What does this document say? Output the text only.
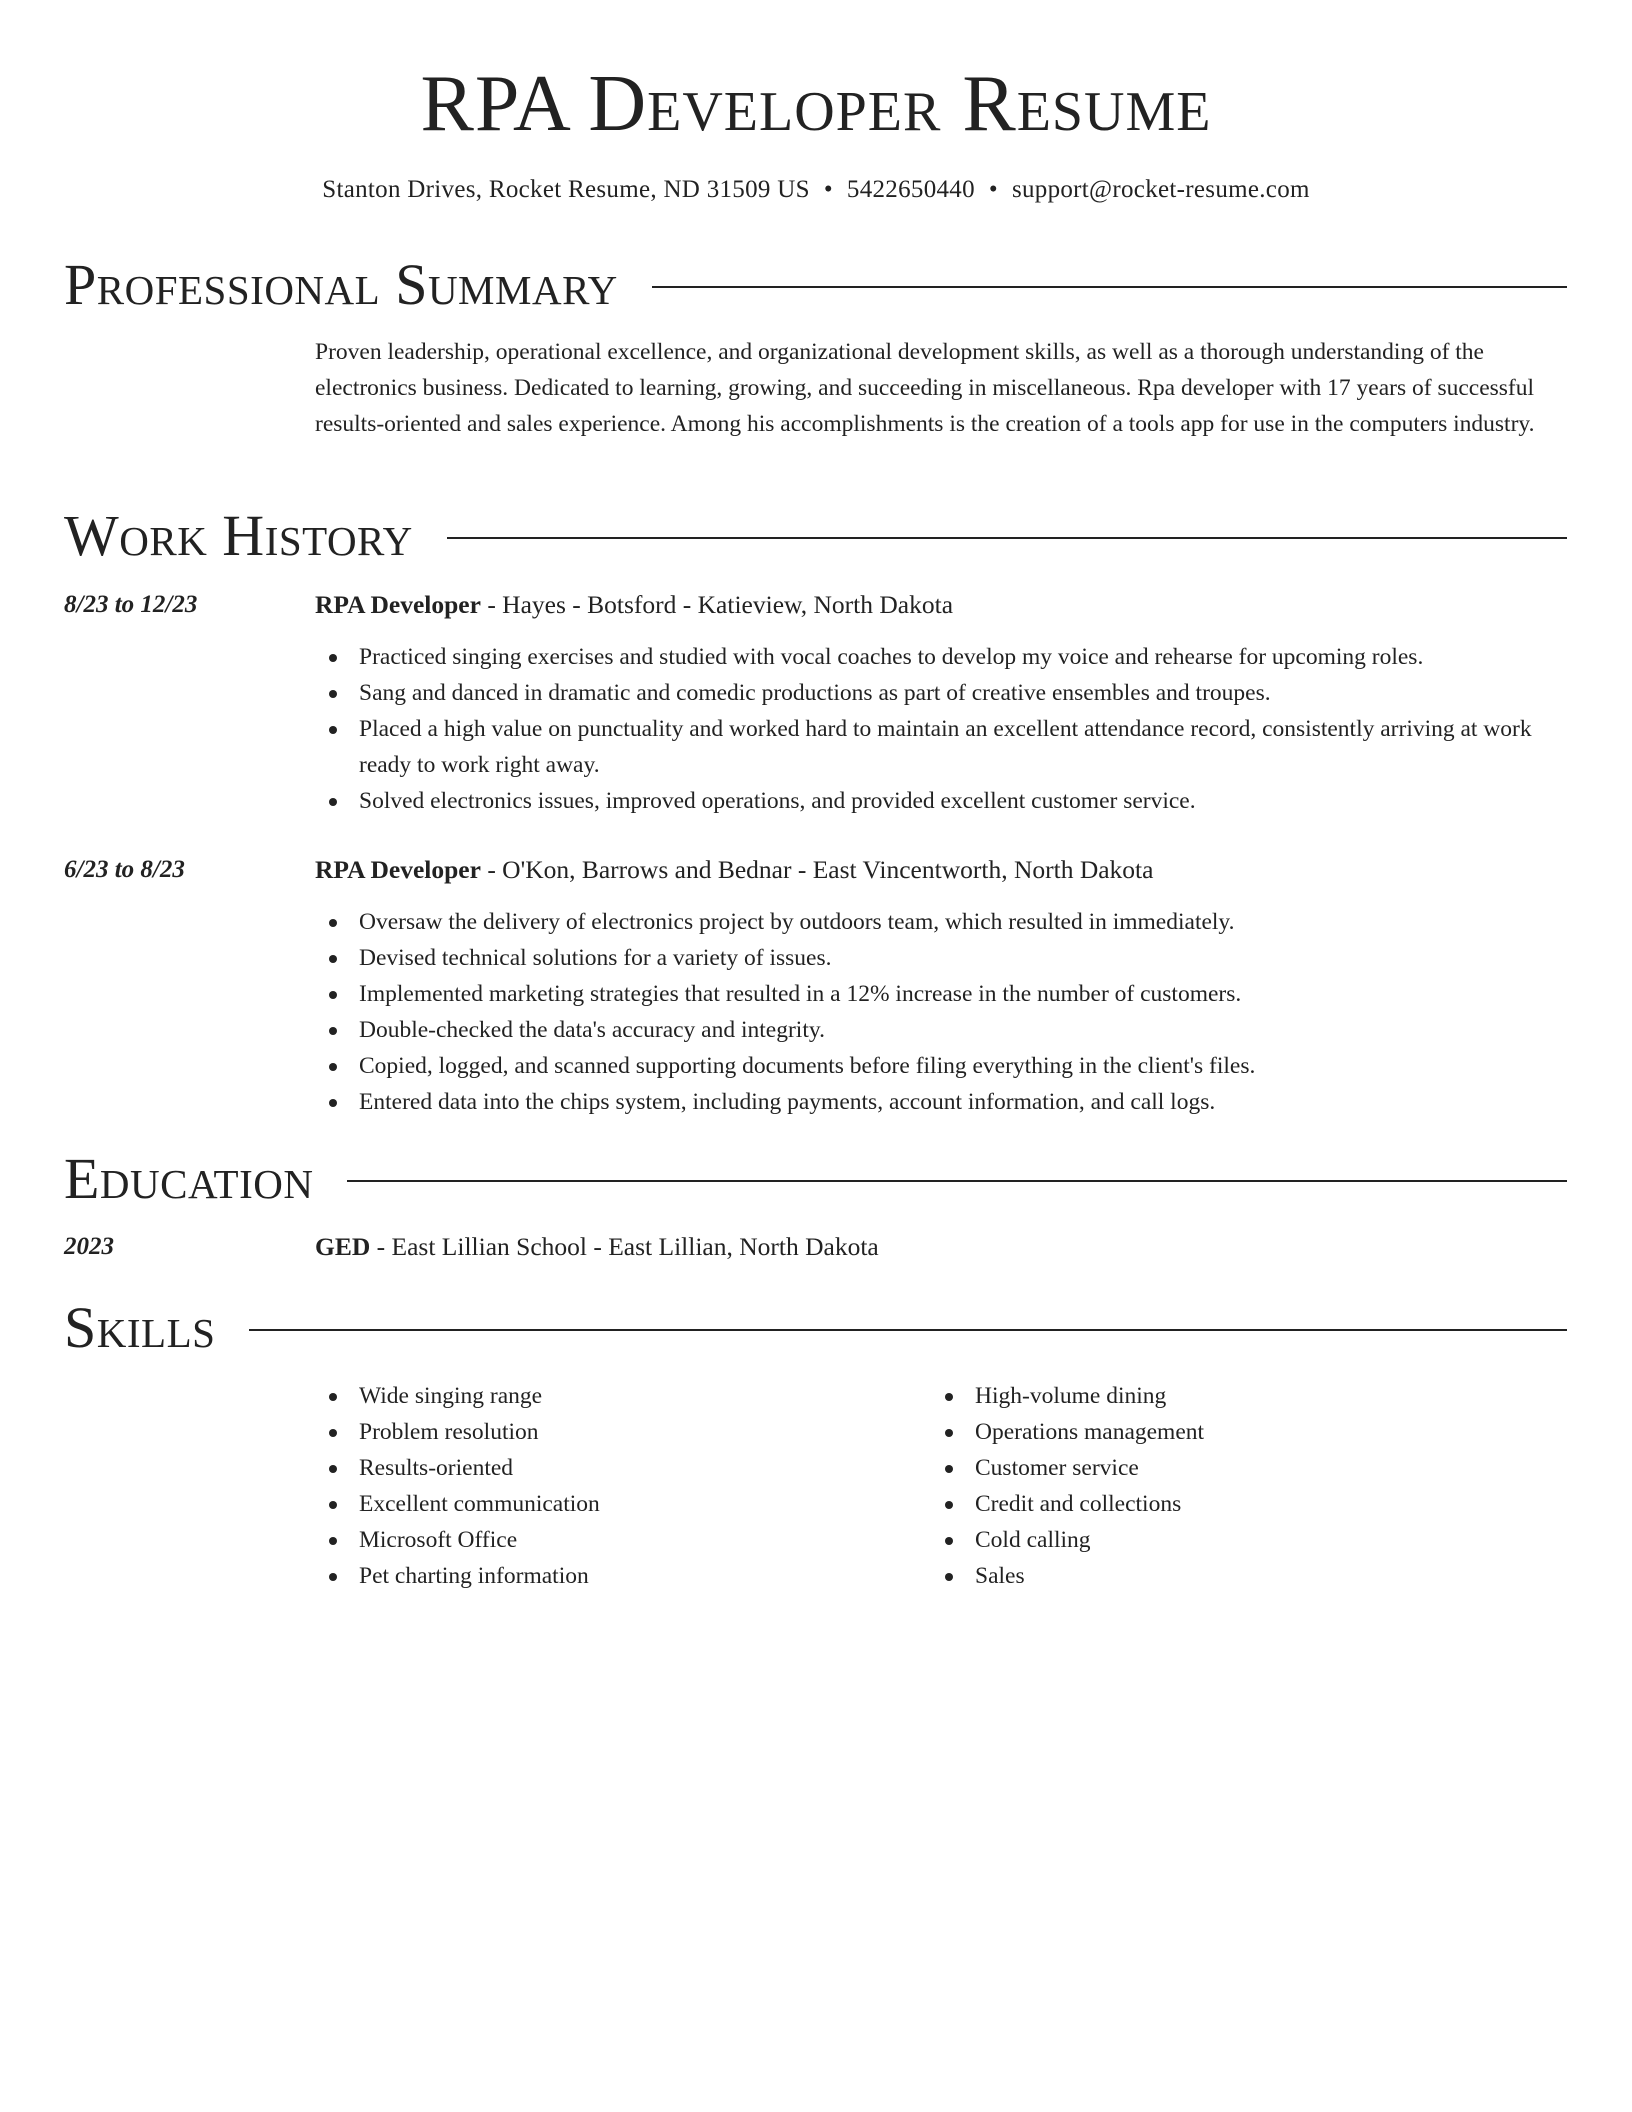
RPA Developer Resume
Stanton Drives, Rocket Resume, ND 31509 US • 5422650440 • support@rocket-resume.com
Professional Summary
Proven leadership, operational excellence, and organizational development skills, as well as a thorough understanding of the electronics business. Dedicated to learning, growing, and succeeding in miscellaneous. Rpa developer with 17 years of successful results-oriented and sales experience. Among his accomplishments is the creation of a tools app for use in the computers industry.
Work History
8/23 to 12/23	RPA Developer - Hayes - Botsford - Katieview, North Dakota
Practiced singing exercises and studied with vocal coaches to develop my voice and rehearse for upcoming roles.
Sang and danced in dramatic and comedic productions as part of creative ensembles and troupes.
Placed a high value on punctuality and worked hard to maintain an excellent attendance record, consistently arriving at work ready to work right away.
Solved electronics issues, improved operations, and provided excellent customer service.
6/23 to 8/23	RPA Developer - O'Kon, Barrows and Bednar - East Vincentworth, North Dakota
Oversaw the delivery of electronics project by outdoors team, which resulted in immediately.
Devised technical solutions for a variety of issues.
Implemented marketing strategies that resulted in a 12% increase in the number of customers.
Double-checked the data's accuracy and integrity.
Copied, logged, and scanned supporting documents before filing everything in the client's files.
Entered data into the chips system, including payments, account information, and call logs.
Education
2023	GED - East Lillian School - East Lillian, North Dakota
Skills
Wide singing range
Problem resolution
Results-oriented
Excellent communication
Microsoft Office
Pet charting information
High-volume dining
Operations management
Customer service
Credit and collections
Cold calling
Sales
